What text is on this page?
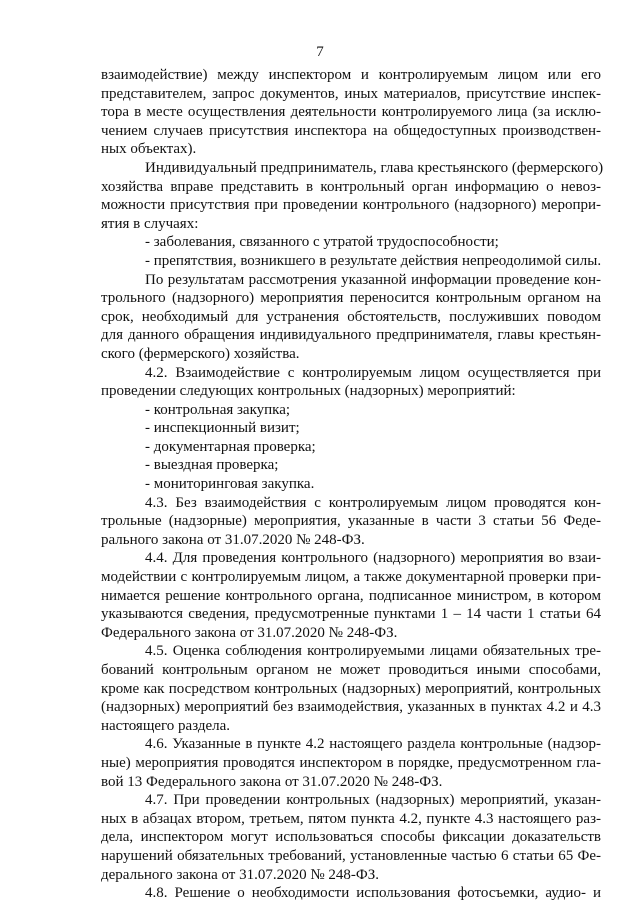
7
взаимодействие) между инспектором и контролируемым лицом или его
представителем, запрос документов, иных материалов, присутствие инспек-
тора в месте осуществления деятельности контролируемого лица (за исклю-
чением случаев присутствия инспектора на общедоступных производствен-
ных объектах).
Индивидуальный предприниматель, глава крестьянского (фермерского)
хозяйства вправе представить в контрольный орган информацию о невоз-
можности присутствия при проведении контрольного (надзорного) меропри-
ятия в случаях:
- заболевания, связанного с утратой трудоспособности;
- препятствия, возникшего в результате действия непреодолимой силы.
По результатам рассмотрения указанной информации проведение кон-
трольного (надзорного) мероприятия переносится контрольным органом на
срок, необходимый для устранения обстоятельств, послуживших поводом
для данного обращения индивидуального предпринимателя, главы крестьян-
ского (фермерского) хозяйства.
4.2. Взаимодействие с контролируемым лицом осуществляется при
проведении следующих контрольных (надзорных) мероприятий:
- контрольная закупка;
- инспекционный визит;
- документарная проверка;
- выездная проверка;
- мониторинговая закупка.
4.3. Без взаимодействия с контролируемым лицом проводятся кон-
трольные (надзорные) мероприятия, указанные в части 3 статьи 56 Феде-
рального закона от 31.07.2020 № 248-ФЗ.
4.4. Для проведения контрольного (надзорного) мероприятия во взаи-
модействии с контролируемым лицом, а также документарной проверки при-
нимается решение контрольного органа, подписанное министром, в котором
указываются сведения, предусмотренные пунктами 1 – 14 части 1 статьи 64
Федерального закона от 31.07.2020 № 248-ФЗ.
4.5. Оценка соблюдения контролируемыми лицами обязательных тре-
бований контрольным органом не может проводиться иными способами,
кроме как посредством контрольных (надзорных) мероприятий, контрольных
(надзорных) мероприятий без взаимодействия, указанных в пунктах 4.2 и 4.3
настоящего раздела.
4.6. Указанные в пункте 4.2 настоящего раздела контрольные (надзор-
ные) мероприятия проводятся инспектором в порядке, предусмотренном гла-
вой 13 Федерального закона от 31.07.2020 № 248-ФЗ.
4.7. При проведении контрольных (надзорных) мероприятий, указан-
ных в абзацах втором, третьем, пятом пункта 4.2, пункте 4.3 настоящего раз-
дела, инспектором могут использоваться способы фиксации доказательств
нарушений обязательных требований, установленные частью 6 статьи 65 Фе-
дерального закона от 31.07.2020 № 248-ФЗ.
4.8. Решение о необходимости использования фотосъемки, аудио- и
